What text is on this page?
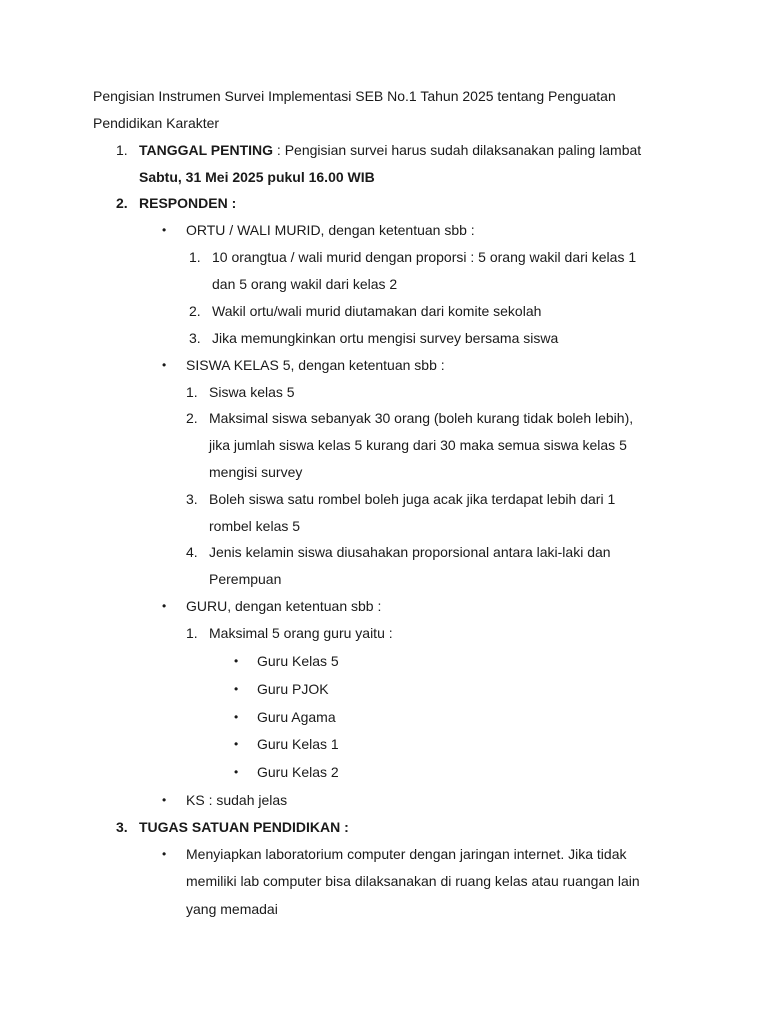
Pengisian Instrumen Survei Implementasi SEB No.1 Tahun 2025 tentang Penguatan
Pendidikan Karakter
1. TANGGAL PENTING : Pengisian survei harus sudah dilaksanakan paling lambat
Sabtu, 31 Mei 2025 pukul 16.00 WIB
2. RESPONDEN :
• ORTU / WALI MURID, dengan ketentuan sbb :
1. 10 orangtua / wali murid dengan proporsi : 5 orang wakil dari kelas 1
dan 5 orang wakil dari kelas 2
2. Wakil ortu/wali murid diutamakan dari komite sekolah
3. Jika memungkinkan ortu mengisi survey bersama siswa
• SISWA KELAS 5, dengan ketentuan sbb :
1. Siswa kelas 5
2. Maksimal siswa sebanyak 30 orang (boleh kurang tidak boleh lebih),
jika jumlah siswa kelas 5 kurang dari 30 maka semua siswa kelas 5
mengisi survey
3. Boleh siswa satu rombel boleh juga acak jika terdapat lebih dari 1
rombel kelas 5
4. Jenis kelamin siswa diusahakan proporsional antara laki-laki dan
Perempuan
• GURU, dengan ketentuan sbb :
1. Maksimal 5 orang guru yaitu :
• Guru Kelas 5
• Guru PJOK
• Guru Agama
• Guru Kelas 1
• Guru Kelas 2
• KS : sudah jelas
3. TUGAS SATUAN PENDIDIKAN :
• Menyiapkan laboratorium computer dengan jaringan internet. Jika tidak
memiliki lab computer bisa dilaksanakan di ruang kelas atau ruangan lain
yang memadai
